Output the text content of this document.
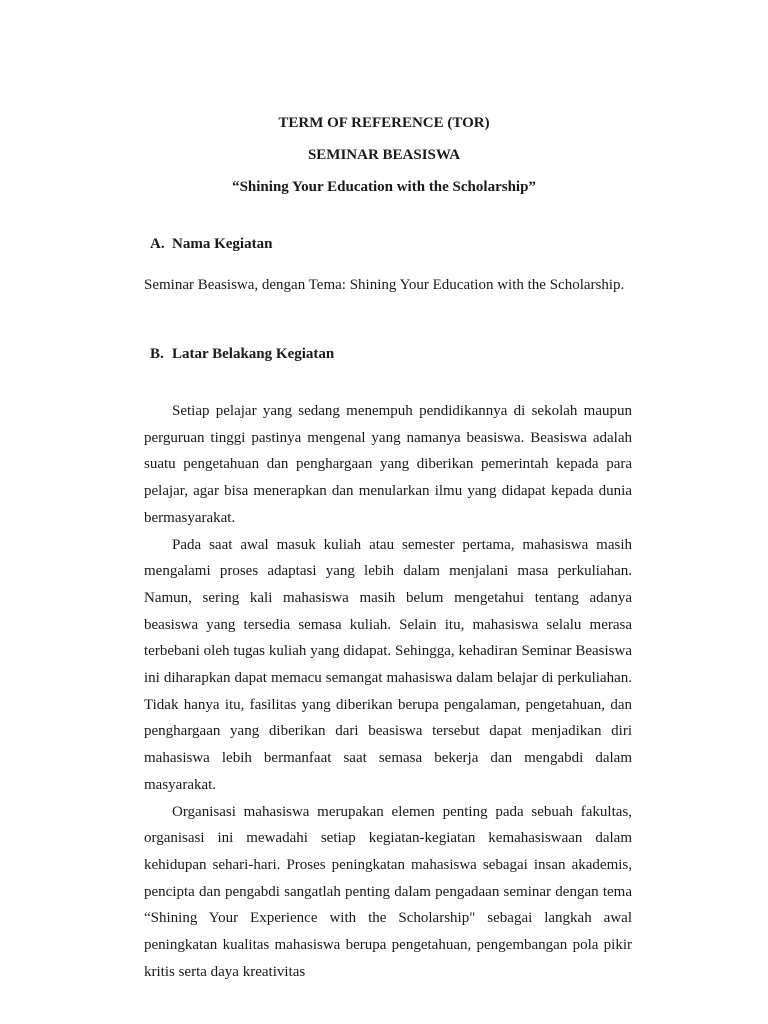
TERM OF REFERENCE (TOR)
SEMINAR BEASISWA
“Shining Your Education with the Scholarship”
A. Nama Kegiatan
Seminar Beasiswa, dengan Tema: Shining Your Education with the Scholarship.
B. Latar Belakang Kegiatan

Setiap pelajar yang sedang menempuh pendidikannya di sekolah maupun perguruan tinggi pastinya mengenal yang namanya beasiswa. Beasiswa adalah suatu pengetahuan dan penghargaan yang diberikan pemerintah kepada para pelajar, agar bisa menerapkan dan menularkan ilmu yang didapat kepada dunia bermasyarakat.

Pada saat awal masuk kuliah atau semester pertama, mahasiswa masih mengalami proses adaptasi yang lebih dalam menjalani masa perkuliahan. Namun, sering kali mahasiswa masih belum mengetahui tentang adanya beasiswa yang tersedia semasa kuliah. Selain itu, mahasiswa selalu merasa terbebani oleh tugas kuliah yang didapat. Sehingga, kehadiran Seminar Beasiswa ini diharapkan dapat memacu semangat mahasiswa dalam belajar di perkuliahan. Tidak hanya itu, fasilitas yang diberikan berupa pengalaman, pengetahuan, dan penghargaan yang diberikan dari beasiswa tersebut dapat menjadikan diri mahasiswa lebih bermanfaat saat semasa bekerja dan mengabdi dalam masyarakat.

Organisasi mahasiswa merupakan elemen penting pada sebuah fakultas, organisasi ini mewadahi setiap kegiatan-kegiatan kemahasiswaan dalam kehidupan sehari-hari. Proses peningkatan mahasiswa sebagai insan akademis, pencipta dan pengabdi sangatlah penting dalam pengadaan seminar dengan tema “Shining Your Experience with the Scholarship" sebagai langkah awal peningkatan kualitas mahasiswa berupa pengetahuan, pengembangan pola pikir kritis serta daya kreativitas
